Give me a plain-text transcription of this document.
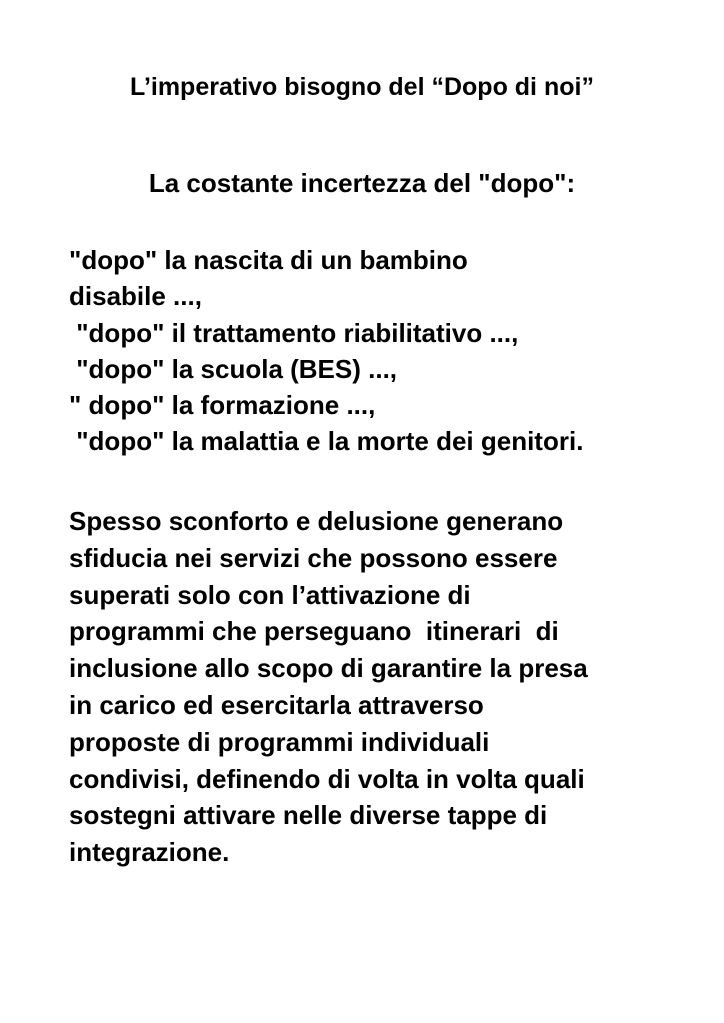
L’imperativo bisogno del “Dopo di noi”
La costante incertezza del "dopo":
"dopo" la nascita di un bambino
disabile ...,
"dopo" il trattamento riabilitativo ...,
"dopo" la scuola (BES) ...,
" dopo" la formazione ...,
"dopo" la malattia e la morte dei genitori.

Spesso sconforto e delusione generano
sfiducia nei servizi che possono essere
superati solo con l’attivazione di
programmi che perseguano  itinerari  di
inclusione allo scopo di garantire la presa
in carico ed esercitarla attraverso
proposte di programmi individuali
condivisi, definendo di volta in volta quali
sostegni attivare nelle diverse tappe di
integrazione.
